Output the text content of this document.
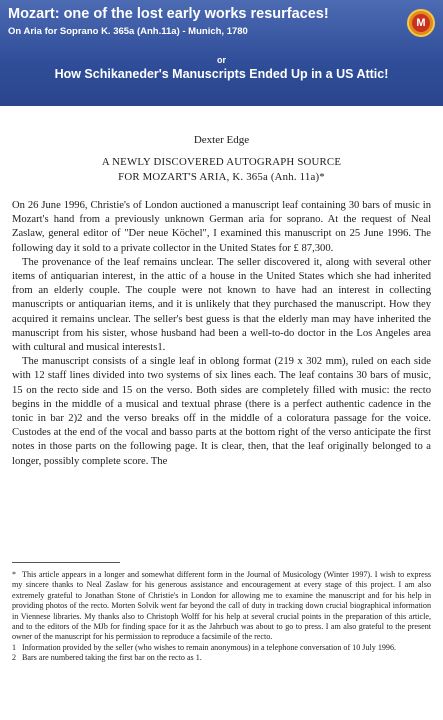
Mozart: one of the lost early works resurfaces!
On Aria for Soprano K. 365a (Anh.11a) - Munich, 1780
or
How Schikaneder's Manuscripts Ended Up in a US Attic!
M
Dexter Edge
A NEWLY DISCOVERED AUTOGRAPH SOURCE
FOR MOZART'S ARIA, K. 365a (Anh. 11a)*

On 26 June 1996, Christie's of London auctioned a manuscript leaf containing 30 bars of music in Mozart's hand from a previously unknown German aria for soprano. At the request of Neal Zaslaw, general editor of "Der neue Köchel", I examined this manuscript on 25 June 1996. The following day it sold to a private collector in the United States for £ 87,300.

The provenance of the leaf remains unclear. The seller discovered it, along with several other items of antiquarian interest, in the attic of a house in the United States which she had inherited from an elderly couple. The couple were not known to have had an interest in collecting manuscripts or antiquarian items, and it is unlikely that they purchased the manuscript. How they acquired it remains unclear. The seller's best guess is that the elderly man may have inherited the manuscript from his sister, whose husband had been a well-to-do doctor in the Los Angeles area with cultural and musical interests1.

The manuscript consists of a single leaf in oblong format (219 x 302 mm), ruled on each side with 12 staff lines divided into two systems of six lines each. The leaf contains 30 bars of music, 15 on the recto side and 15 on the verso. Both sides are completely filled with music: the recto begins in the middle of a musical and textual phrase (there is a perfect authentic cadence in the tonic in bar 2)2 and the verso breaks off in the middle of a coloratura passage for the voice. Custodes at the end of the vocal and basso parts at the bottom right of the verso anticipate the first notes in those parts on the following page. It is clear, then, that the leaf originally belonged to a longer, possibly complete score. The

* This article appears in a longer and somewhat different form in the Journal of Musicology (Winter 1997). I wish to express my sincere thanks to Neal Zaslaw for his generous assistance and encouragement at every stage of this project. I am also extremely grateful to Jonathan Stone of Christie's in London for allowing me to examine the manuscript and for his help in providing photos of the recto. Morten Solvik went far beyond the call of duty in tracking down crucial biographical information in Viennese libraries. My thanks also to Christoph Wolff for his help at several crucial points in the preparation of this article, and to the editors of the MJb for finding space for it as the Jahrbuch was about to go to press. I am also grateful to the present owner of the manuscript for his permission to reproduce a facsimile of the recto.

1 Information provided by the seller (who wishes to remain anonymous) in a telephone conversation of 10 July 1996.

2 Bars are numbered taking the first bar on the recto as 1.
